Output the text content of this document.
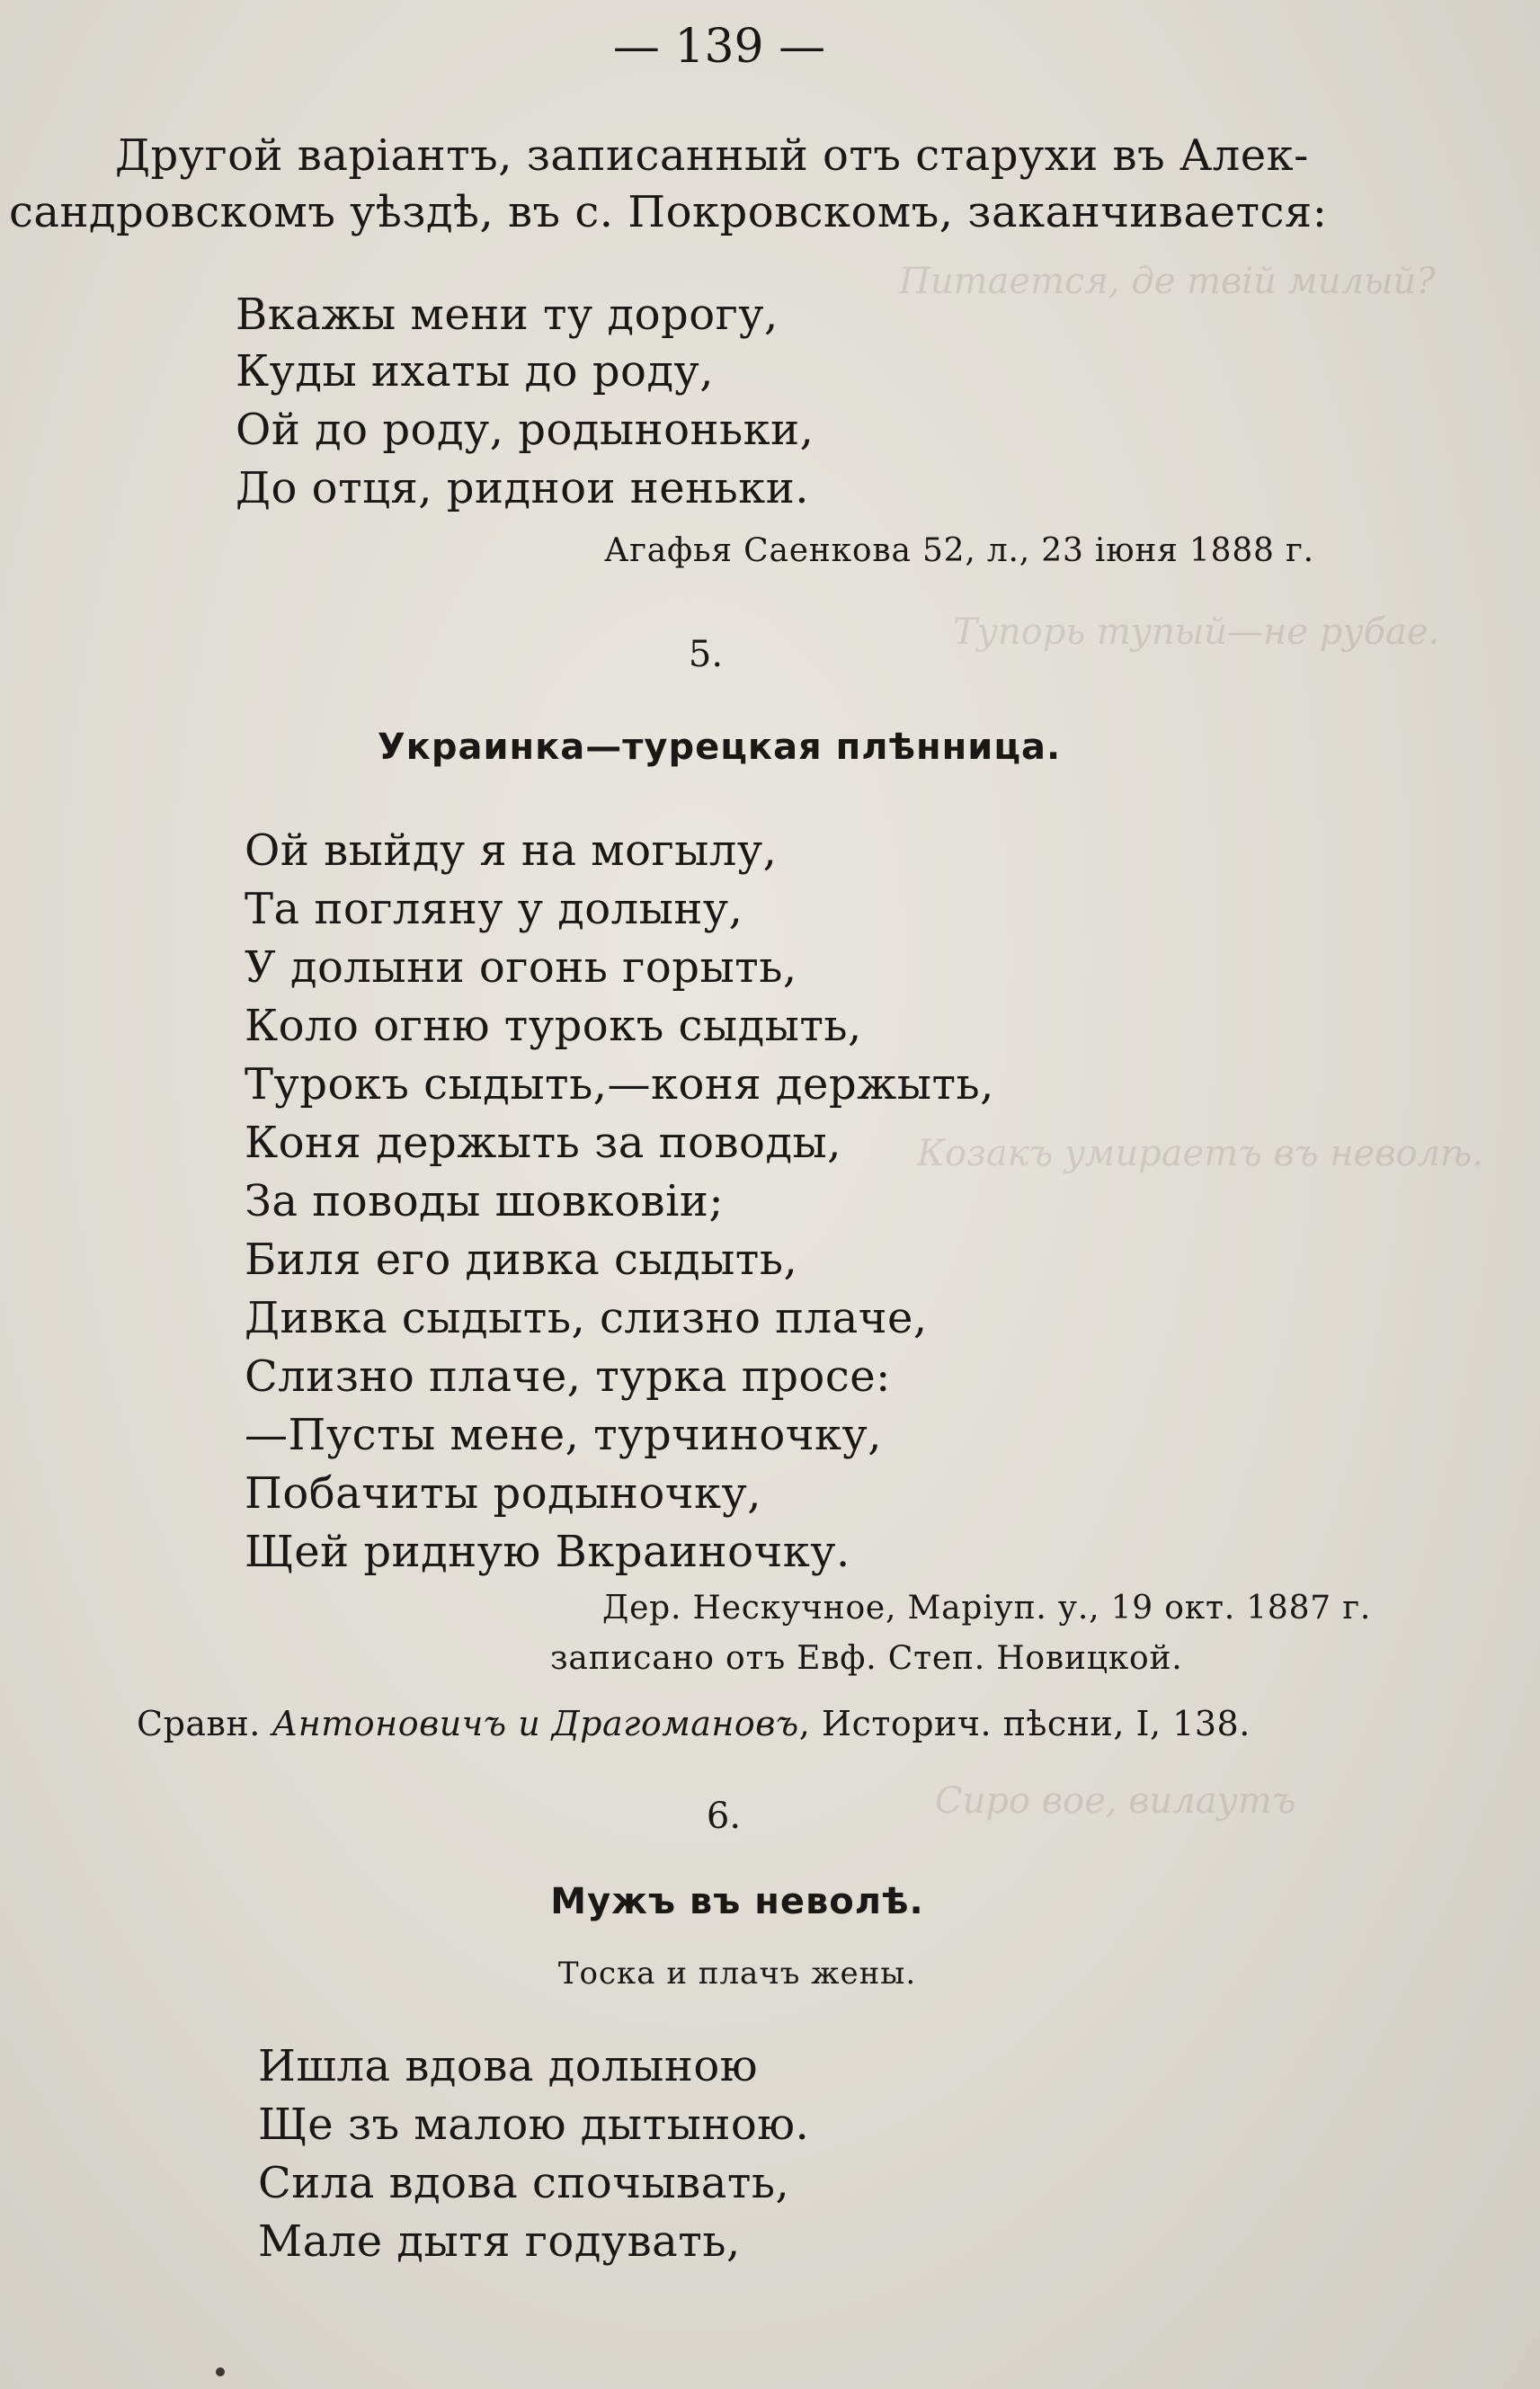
Питается, де твій милый?
Тупорь тупый—не рубае.
Козакъ умираетъ въ неволѣ.
Сиро вое, вилаутъ
— 139 —
Другой варіантъ, записанный отъ старухи въ Алек-
сандровскомъ уѣздѣ, въ с. Покровскомъ, заканчивается:
Вкажы мени ту дорогу,
Куды ихаты до роду,
Ой до роду, родыноньки,
До отця, риднои неньки.
Агафья Саенкова 52, л., 23 іюня 1888 г.
5.
Украинка—турецкая плѣнница.
Ой выйду я на могылу,
Та погляну у долыну,
У долыни огонь горыть,
Коло огню турокъ сыдыть,
Турокъ сыдыть,—коня держыть,
Коня держыть за поводы,
За поводы шовковіи;
Биля его дивка сыдыть,
Дивка сыдыть, слизно плаче,
Слизно плаче, турка просе:
—Пусты мене, турчиночку,
Побачиты родыночку,
Щей ридную Вкраиночку.
Дер. Нескучное, Маріуп. у., 19 окт. 1887 г.
записано отъ Евф. Степ. Новицкой.
Сравн. Антоновичъ и Драгомановъ, Историч. пѣсни, I, 138.
6.
Мужъ въ неволѣ.
Тоска и плачъ жены.
Ишла вдова долыною
Ще зъ малою дытыною.
Сила вдова спочывать,
Мале дытя годувать,
